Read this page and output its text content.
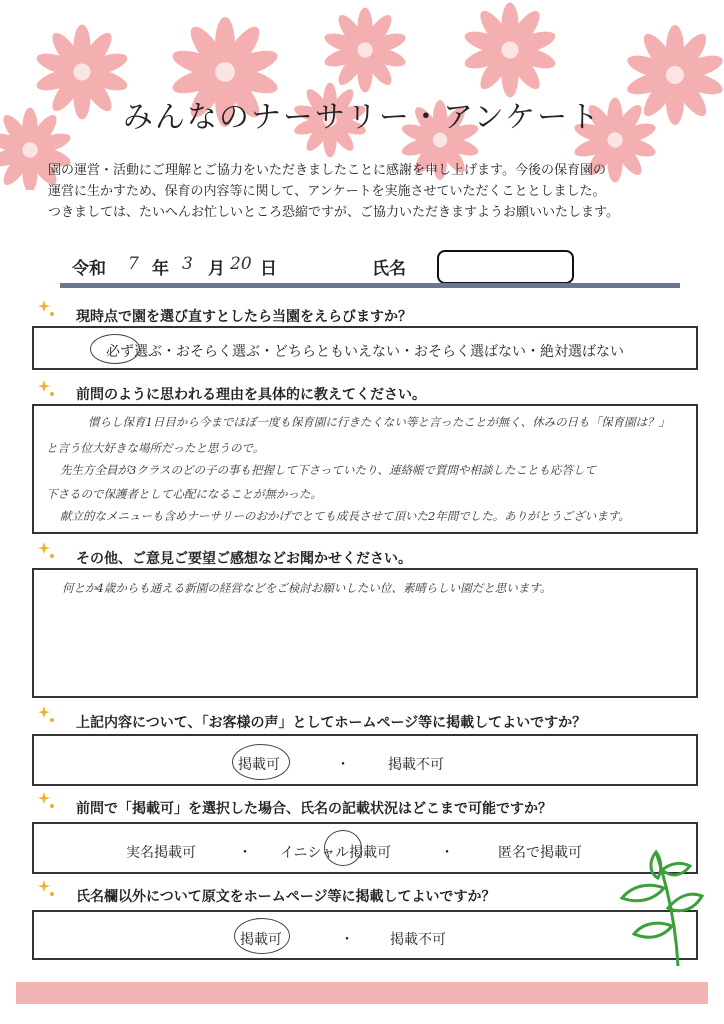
みんなのナーサリー・アンケート
園の運営・活動にご理解とご協力をいただきましたことに感謝を申し上げます。今後の保育園の
運営に生かすため、保育の内容等に関して、アンケートを実施させていただくこととしました。
つきましては、たいへんお忙しいところ恐縮ですが、ご協力いただきますようお願いいたします。
令和 7 年 3 月 20 日	氏名
現時点で園を選び直すとしたら当園をえらびますか？
必ず選ぶ・おそらく選ぶ・どちらともいえない・おそらく選ばない・絶対選ばない
前問のように思われる理由を具体的に教えてください。
慣らし保育1日目から今までほぼ一度も保育園に行きたくない等と言ったことが無く、休みの日も「保育園は？」
と言う位大好きな場所だったと思うので。
先生方全員が3クラスのどの子の事も把握して下さっていたり、連絡帳で質問や相談したことも応答して
下さるので保護者として心配になることが無かった。
献立的なメニューも含めナーサリーのおかげでとても成長させて頂いた2年間でした。ありがとうございます。
その他、ご意見ご要望ご感想などお聞かせください。
何とか4歳からも通える新園の経営などをご検討お願いしたい位、素晴らしい園だと思います。
上記内容について、「お客様の声」としてホームページ等に掲載してよいですか？
掲載可	・	掲載不可
前問で「掲載可」を選択した場合、氏名の記載状況はどこまで可能ですか？
実名掲載可	・ イニシャル掲載可	・	匿名で掲載可
氏名欄以外について原文をホームページ等に掲載してよいですか？
掲載可	・	掲載不可
